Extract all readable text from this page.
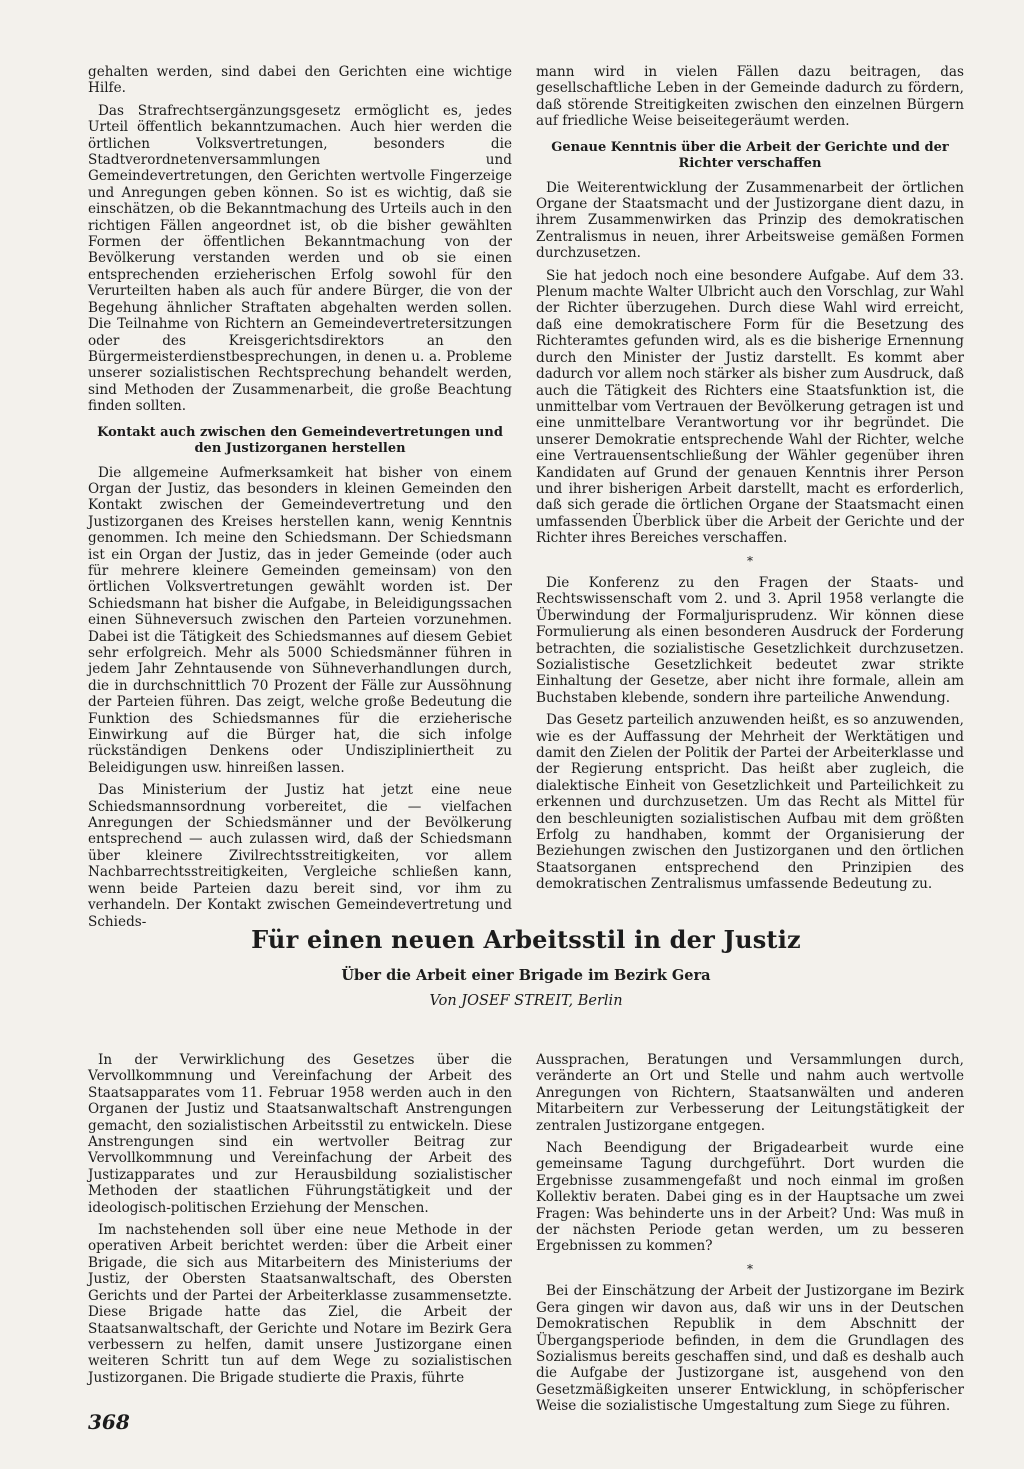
gehalten werden, sind dabei den Gerichten eine wichtige Hilfe.

Das Strafrechtsergänzungsgesetz ermöglicht es, jedes Urteil öffentlich bekanntzumachen. Auch hier werden die örtlichen Volksvertretungen, besonders die Stadtverordnetenversammlungen und Gemeindevertretungen, den Gerichten wertvolle Fingerzeige und Anregungen geben können. So ist es wichtig, daß sie einschätzen, ob die Bekanntmachung des Urteils auch in den richtigen Fällen angeordnet ist, ob die bisher gewählten Formen der öffentlichen Bekanntmachung von der Bevölkerung verstanden werden und ob sie einen entsprechenden erzieherischen Erfolg sowohl für den Verurteilten haben als auch für andere Bürger, die von der Begehung ähnlicher Straftaten abgehalten werden sollen. Die Teilnahme von Richtern an Gemeindevertretersitzungen oder des Kreisgerichtsdirektors an den Bürgermeisterdienstbesprechungen, in denen u. a. Probleme unserer sozialistischen Rechtsprechung behandelt werden, sind Methoden der Zusammenarbeit, die große Beachtung finden sollten.

Kontakt auch zwischen den Gemeindevertretungen und den Justizorganen herstellen

Die allgemeine Aufmerksamkeit hat bisher von einem Organ der Justiz, das besonders in kleinen Gemeinden den Kontakt zwischen der Gemeindevertretung und den Justizorganen des Kreises herstellen kann, wenig Kenntnis genommen. Ich meine den Schiedsmann. Der Schiedsmann ist ein Organ der Justiz, das in jeder Gemeinde (oder auch für mehrere kleinere Gemeinden gemeinsam) von den örtlichen Volksvertretungen gewählt worden ist. Der Schiedsmann hat bisher die Aufgabe, in Beleidigungssachen einen Sühneversuch zwischen den Parteien vorzunehmen. Dabei ist die Tätigkeit des Schiedsmannes auf diesem Gebiet sehr erfolgreich. Mehr als 5000 Schiedsmänner führen in jedem Jahr Zehntausende von Sühneverhandlungen durch, die in durchschnittlich 70 Prozent der Fälle zur Aussöhnung der Parteien führen. Das zeigt, welche große Bedeutung die Funktion des Schiedsmannes für die erzieherische Einwirkung auf die Bürger hat, die sich infolge rückständigen Denkens oder Undiszipliniertheit zu Beleidigungen usw. hinreißen lassen.

Das Ministerium der Justiz hat jetzt eine neue Schiedsmannsordnung vorbereitet, die — vielfachen Anregungen der Schiedsmänner und der Bevölkerung entsprechend — auch zulassen wird, daß der Schiedsmann über kleinere Zivilrechtsstreitigkeiten, vor allem Nachbarrechtsstreitigkeiten, Vergleiche schließen kann, wenn beide Parteien dazu bereit sind, vor ihm zu verhandeln. Der Kontakt zwischen Gemeindevertretung und Schieds-

mann wird in vielen Fällen dazu beitragen, das gesellschaftliche Leben in der Gemeinde dadurch zu fördern, daß störende Streitigkeiten zwischen den einzelnen Bürgern auf friedliche Weise beiseitegeräumt werden.

Genaue Kenntnis über die Arbeit der Gerichte und der Richter verschaffen

Die Weiterentwicklung der Zusammenarbeit der örtlichen Organe der Staatsmacht und der Justizorgane dient dazu, in ihrem Zusammenwirken das Prinzip des demokratischen Zentralismus in neuen, ihrer Arbeitsweise gemäßen Formen durchzusetzen.

Sie hat jedoch noch eine besondere Aufgabe. Auf dem 33. Plenum machte Walter Ulbricht auch den Vorschlag, zur Wahl der Richter überzugehen. Durch diese Wahl wird erreicht, daß eine demokratischere Form für die Besetzung des Richteramtes gefunden wird, als es die bisherige Ernennung durch den Minister der Justiz darstellt. Es kommt aber dadurch vor allem noch stärker als bisher zum Ausdruck, daß auch die Tätigkeit des Richters eine Staatsfunktion ist, die unmittelbar vom Vertrauen der Bevölkerung getragen ist und eine unmittelbare Verantwortung vor ihr begründet. Die unserer Demokratie entsprechende Wahl der Richter, welche eine Vertrauensentschließung der Wähler gegenüber ihren Kandidaten auf Grund der genauen Kenntnis ihrer Person und ihrer bisherigen Arbeit darstellt, macht es erforderlich, daß sich gerade die örtlichen Organe der Staatsmacht einen umfassenden Überblick über die Arbeit der Gerichte und der Richter ihres Bereiches verschaffen.

*

Die Konferenz zu den Fragen der Staats- und Rechtswissenschaft vom 2. und 3. April 1958 verlangte die Überwindung der Formaljurisprudenz. Wir können diese Formulierung als einen besonderen Ausdruck der Forderung betrachten, die sozialistische Gesetzlichkeit durchzusetzen. Sozialistische Gesetzlichkeit bedeutet zwar strikte Einhaltung der Gesetze, aber nicht ihre formale, allein am Buchstaben klebende, sondern ihre parteiliche Anwendung.

Das Gesetz parteilich anzuwenden heißt, es so anzuwenden, wie es der Auffassung der Mehrheit der Werktätigen und damit den Zielen der Politik der Partei der Arbeiterklasse und der Regierung entspricht. Das heißt aber zugleich, die dialektische Einheit von Gesetzlichkeit und Parteilichkeit zu erkennen und durchzusetzen. Um das Recht als Mittel für den beschleunigten sozialistischen Aufbau mit dem größten Erfolg zu handhaben, kommt der Organisierung der Beziehungen zwischen den Justizorganen und den örtlichen Staatsorganen entsprechend den Prinzipien des demokratischen Zentralismus umfassende Bedeutung zu.

Für einen neuen Arbeitsstil in der Justiz
Über die Arbeit einer Brigade im Bezirk Gera
Von JOSEF STREIT, Berlin

In der Verwirklichung des Gesetzes über die Vervollkommnung und Vereinfachung der Arbeit des Staatsapparates vom 11. Februar 1958 werden auch in den Organen der Justiz und Staatsanwaltschaft Anstrengungen gemacht, den sozialistischen Arbeitsstil zu entwickeln. Diese Anstrengungen sind ein wertvoller Beitrag zur Vervollkommnung und Vereinfachung der Arbeit des Justizapparates und zur Herausbildung sozialistischer Methoden der staatlichen Führungstätigkeit und der ideologisch-politischen Erziehung der Menschen.

Im nachstehenden soll über eine neue Methode in der operativen Arbeit berichtet werden: über die Arbeit einer Brigade, die sich aus Mitarbeitern des Ministeriums der Justiz, der Obersten Staatsanwaltschaft, des Obersten Gerichts und der Partei der Arbeiterklasse zusammensetzte. Diese Brigade hatte das Ziel, die Arbeit der Staatsanwaltschaft, der Gerichte und Notare im Bezirk Gera verbessern zu helfen, damit unsere Justizorgane einen weiteren Schritt tun auf dem Wege zu sozialistischen Justizorganen. Die Brigade studierte die Praxis, führte

Aussprachen, Beratungen und Versammlungen durch, veränderte an Ort und Stelle und nahm auch wertvolle Anregungen von Richtern, Staatsanwälten und anderen Mitarbeitern zur Verbesserung der Leitungstätigkeit der zentralen Justizorgane entgegen.

Nach Beendigung der Brigadearbeit wurde eine gemeinsame Tagung durchgeführt. Dort wurden die Ergebnisse zusammengefaßt und noch einmal im großen Kollektiv beraten. Dabei ging es in der Hauptsache um zwei Fragen: Was behinderte uns in der Arbeit? Und: Was muß in der nächsten Periode getan werden, um zu besseren Ergebnissen zu kommen?

*

Bei der Einschätzung der Arbeit der Justizorgane im Bezirk Gera gingen wir davon aus, daß wir uns in der Deutschen Demokratischen Republik in dem Abschnitt der Übergangsperiode befinden, in dem die Grundlagen des Sozialismus bereits geschaffen sind, und daß es deshalb auch die Aufgabe der Justizorgane ist, ausgehend von den Gesetzmäßigkeiten unserer Entwicklung, in schöpferischer Weise die sozialistische Umgestaltung zum Siege zu führen.

368
